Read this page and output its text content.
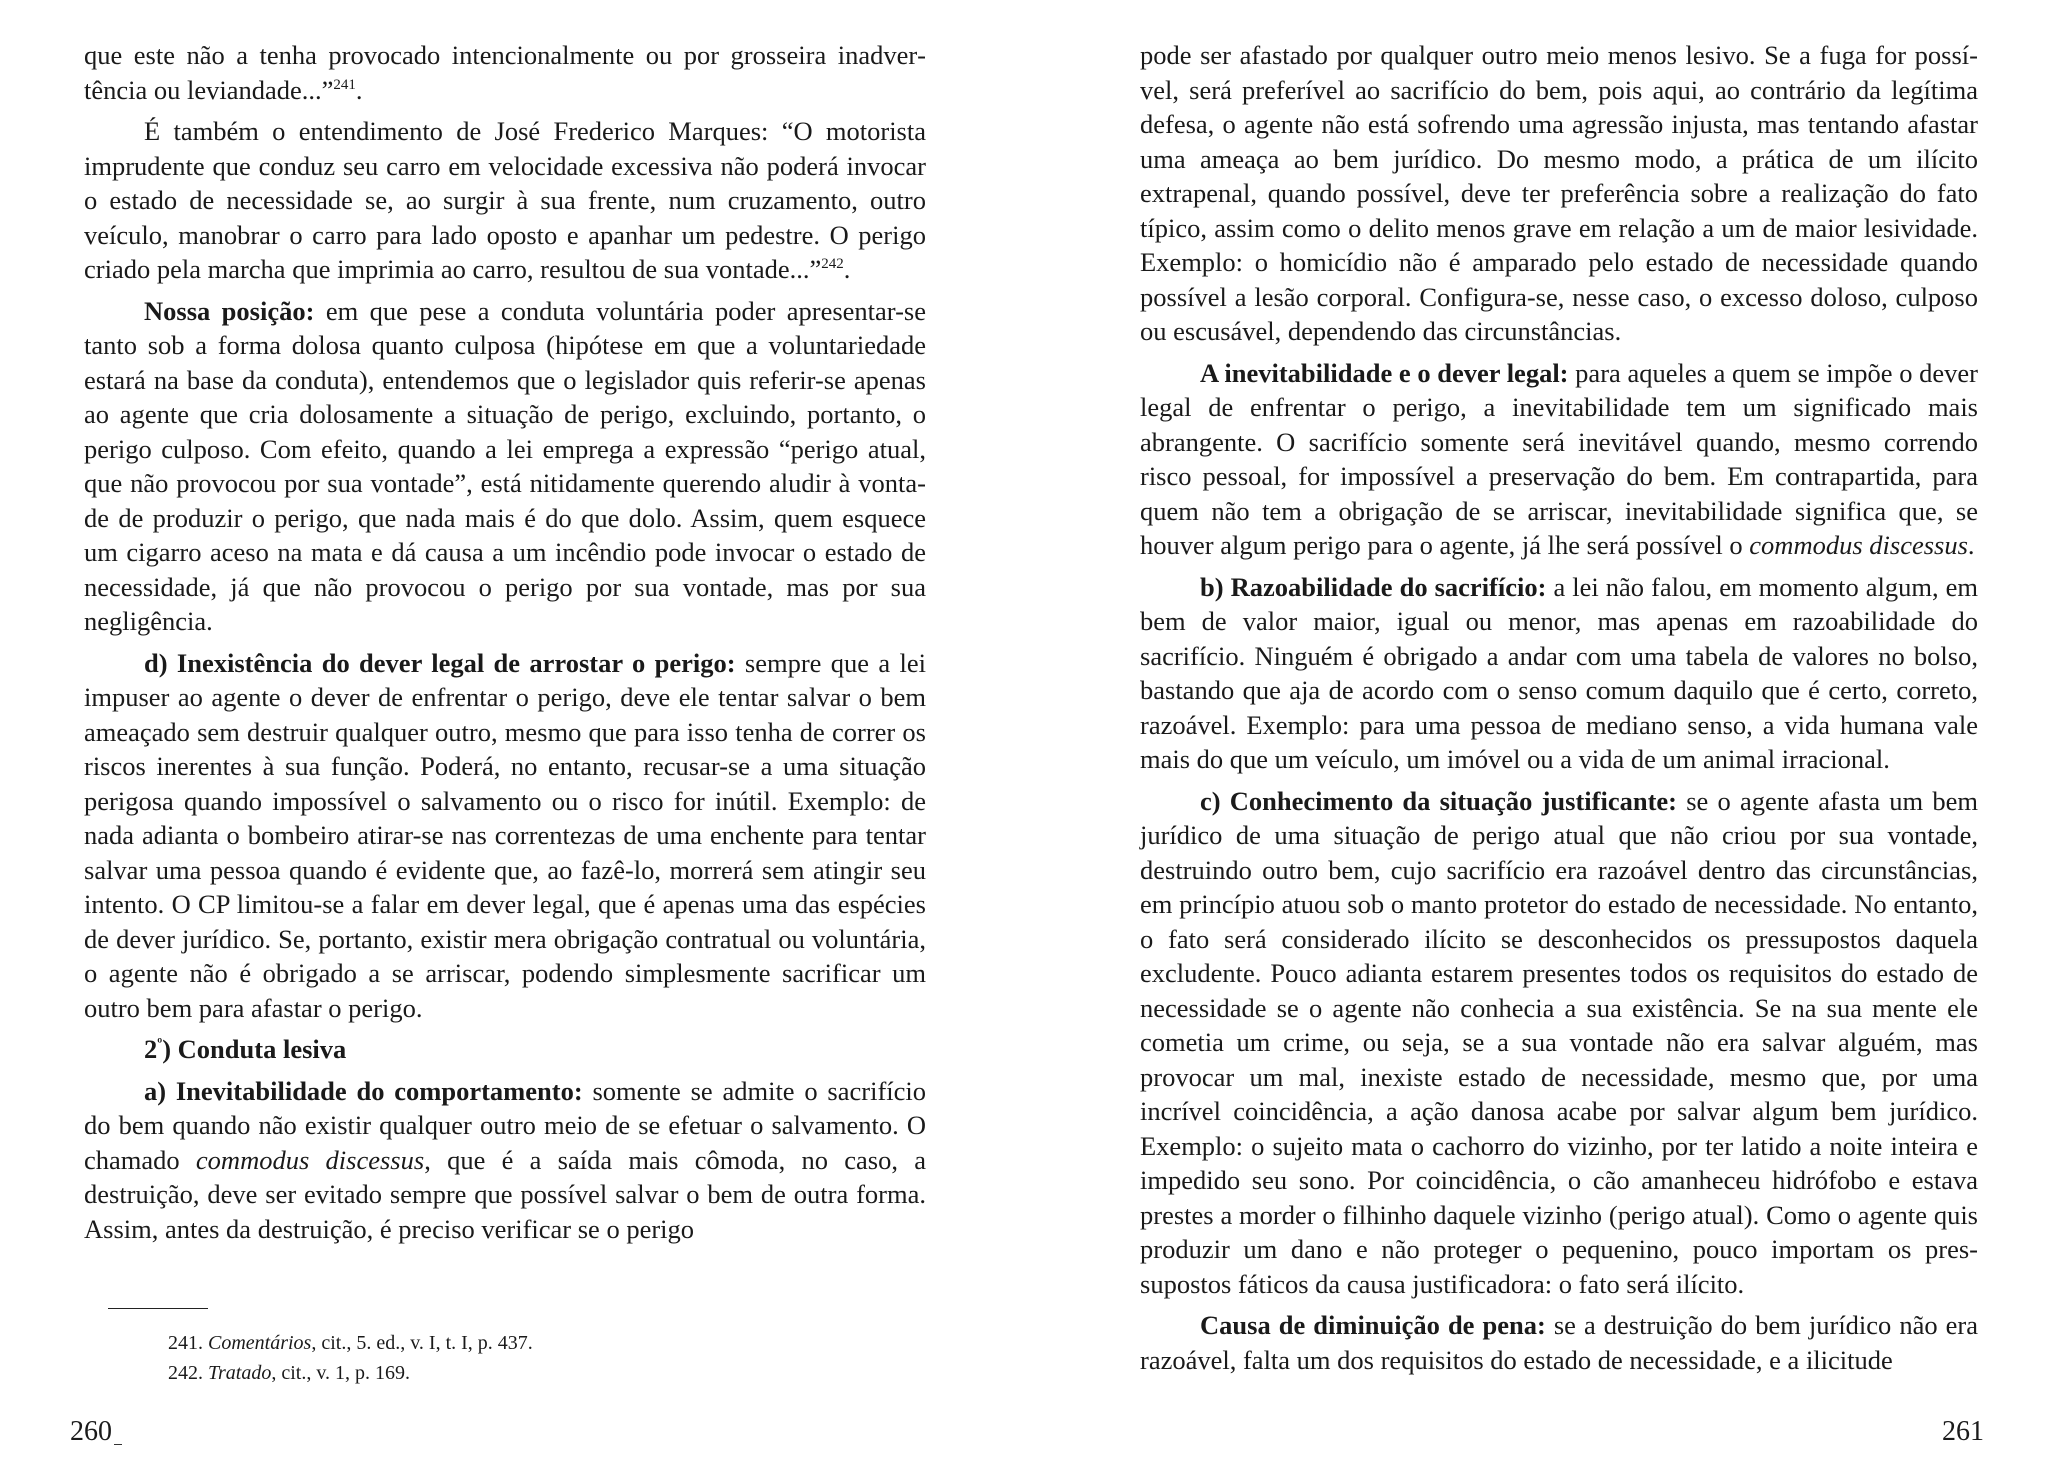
que este não a tenha provocado intencionalmente ou por grosseira inadvertência ou leviandade...”$^{241}$.

É também o entendimento de José Frederico Marques: “O motorista imprudente que conduz seu carro em velocidade excessiva não poderá invocar o estado de necessidade se, ao surgir à sua frente, num cruzamento, outro veículo, manobrar o carro para lado oposto e apanhar um pedestre. O perigo criado pela marcha que imprimia ao carro, resultou de sua vontade...”$^{242}$.

Nossa posição: em que pese a conduta voluntária poder apresentar-se tanto sob a forma dolosa quanto culposa (hipótese em que a voluntariedade estará na base da conduta), entendemos que o legislador quis referir-se apenas ao agente que cria dolosamente a situação de perigo, excluindo, portanto, o perigo culposo. Com efeito, quando a lei emprega a expressão “perigo atual, que não provocou por sua vontade”, está nitidamente querendo aludir à vontade de produzir o perigo, que nada mais é do que dolo. Assim, quem esquece um cigarro aceso na mata e dá causa a um incêndio pode invocar o estado de necessidade, já que não provocou o perigo por sua vontade, mas por sua negligência.

d) Inexistência do dever legal de arrostar o perigo: sempre que a lei impuser ao agente o dever de enfrentar o perigo, deve ele tentar salvar o bem ameaçado sem destruir qualquer outro, mesmo que para isso tenha de correr os riscos inerentes à sua função. Poderá, no entanto, recusar-se a uma situação perigosa quando impossível o salvamento ou o risco for inútil. Exemplo: de nada adianta o bombeiro atirar-se nas correntezas de uma enchente para tentar salvar uma pessoa quando é evidente que, ao fazê-lo, morrerá sem atingir seu intento. O CP limitou-se a falar em dever legal, que é apenas uma das espécies de dever jurídico. Se, portanto, existir mera obrigação contratual ou voluntária, o agente não é obrigado a se arriscar, podendo simplesmente sacrificar um outro bem para afastar o perigo.

$2^º$) Conduta lesiva

a) Inevitabilidade do comportamento: somente se admite o sacrifício do bem quando não existir qualquer outro meio de se efetuar o salvamento. O chamado commodus discessus, que é a saída mais cômoda, no caso, a destruição, deve ser evitado sempre que possível salvar o bem de outra forma. Assim, antes da destruição, é preciso verificar se o perigo

241. Comentários, cit., 5. ed., v. I, t. I, p. 437.
242. Tratado, cit., v. 1, p. 169.
260

pode ser afastado por qualquer outro meio menos lesivo. Se a fuga for possível, será preferível ao sacrifício do bem, pois aqui, ao contrário da legítima defesa, o agente não está sofrendo uma agressão injusta, mas tentando afastar uma ameaça ao bem jurídico. Do mesmo modo, a prática de um ilícito extrapenal, quando possível, deve ter preferência sobre a realização do fato típico, assim como o delito menos grave em relação a um de maior lesividade. Exemplo: o homicídio não é amparado pelo estado de necessidade quando possível a lesão corporal. Configura-se, nesse caso, o excesso doloso, culposo ou escusável, dependendo das circunstâncias.

A inevitabilidade e o dever legal: para aqueles a quem se impõe o dever legal de enfrentar o perigo, a inevitabilidade tem um significado mais abrangente. O sacrifício somente será inevitável quando, mesmo correndo risco pessoal, for impossível a preservação do bem. Em contrapartida, para quem não tem a obrigação de se arriscar, inevitabilidade significa que, se houver algum perigo para o agente, já lhe será possível o commodus discessus.

b) Razoabilidade do sacrifício: a lei não falou, em momento algum, em bem de valor maior, igual ou menor, mas apenas em razoabilidade do sacrifício. Ninguém é obrigado a andar com uma tabela de valores no bolso, bastando que aja de acordo com o senso comum daquilo que é certo, correto, razoável. Exemplo: para uma pessoa de mediano senso, a vida humana vale mais do que um veículo, um imóvel ou a vida de um animal irracional.

c) Conhecimento da situação justificante: se o agente afasta um bem jurídico de uma situação de perigo atual que não criou por sua vontade, destruindo outro bem, cujo sacrifício era razoável dentro das circunstâncias, em princípio atuou sob o manto protetor do estado de necessidade. No entanto, o fato será considerado ilícito se desconhecidos os pressupostos daquela excludente. Pouco adianta estarem presentes todos os requisitos do estado de necessidade se o agente não conhecia a sua existência. Se na sua mente ele cometia um crime, ou seja, se a sua vontade não era salvar alguém, mas provocar um mal, inexiste estado de necessidade, mesmo que, por uma incrível coincidência, a ação danosa acabe por salvar algum bem jurídico. Exemplo: o sujeito mata o cachorro do vizinho, por ter latido a noite inteira e impedido seu sono. Por coincidência, o cão amanheceu hidrófobo e estava prestes a morder o filhinho daquele vizinho (perigo atual). Como o agente quis produzir um dano e não proteger o pequenino, pouco importam os pressupostos fáticos da causa justificadora: o fato será ilícito.

Causa de diminuição de pena: se a destruição do bem jurídico não era razoável, falta um dos requisitos do estado de necessidade, e a ilicitude

261
